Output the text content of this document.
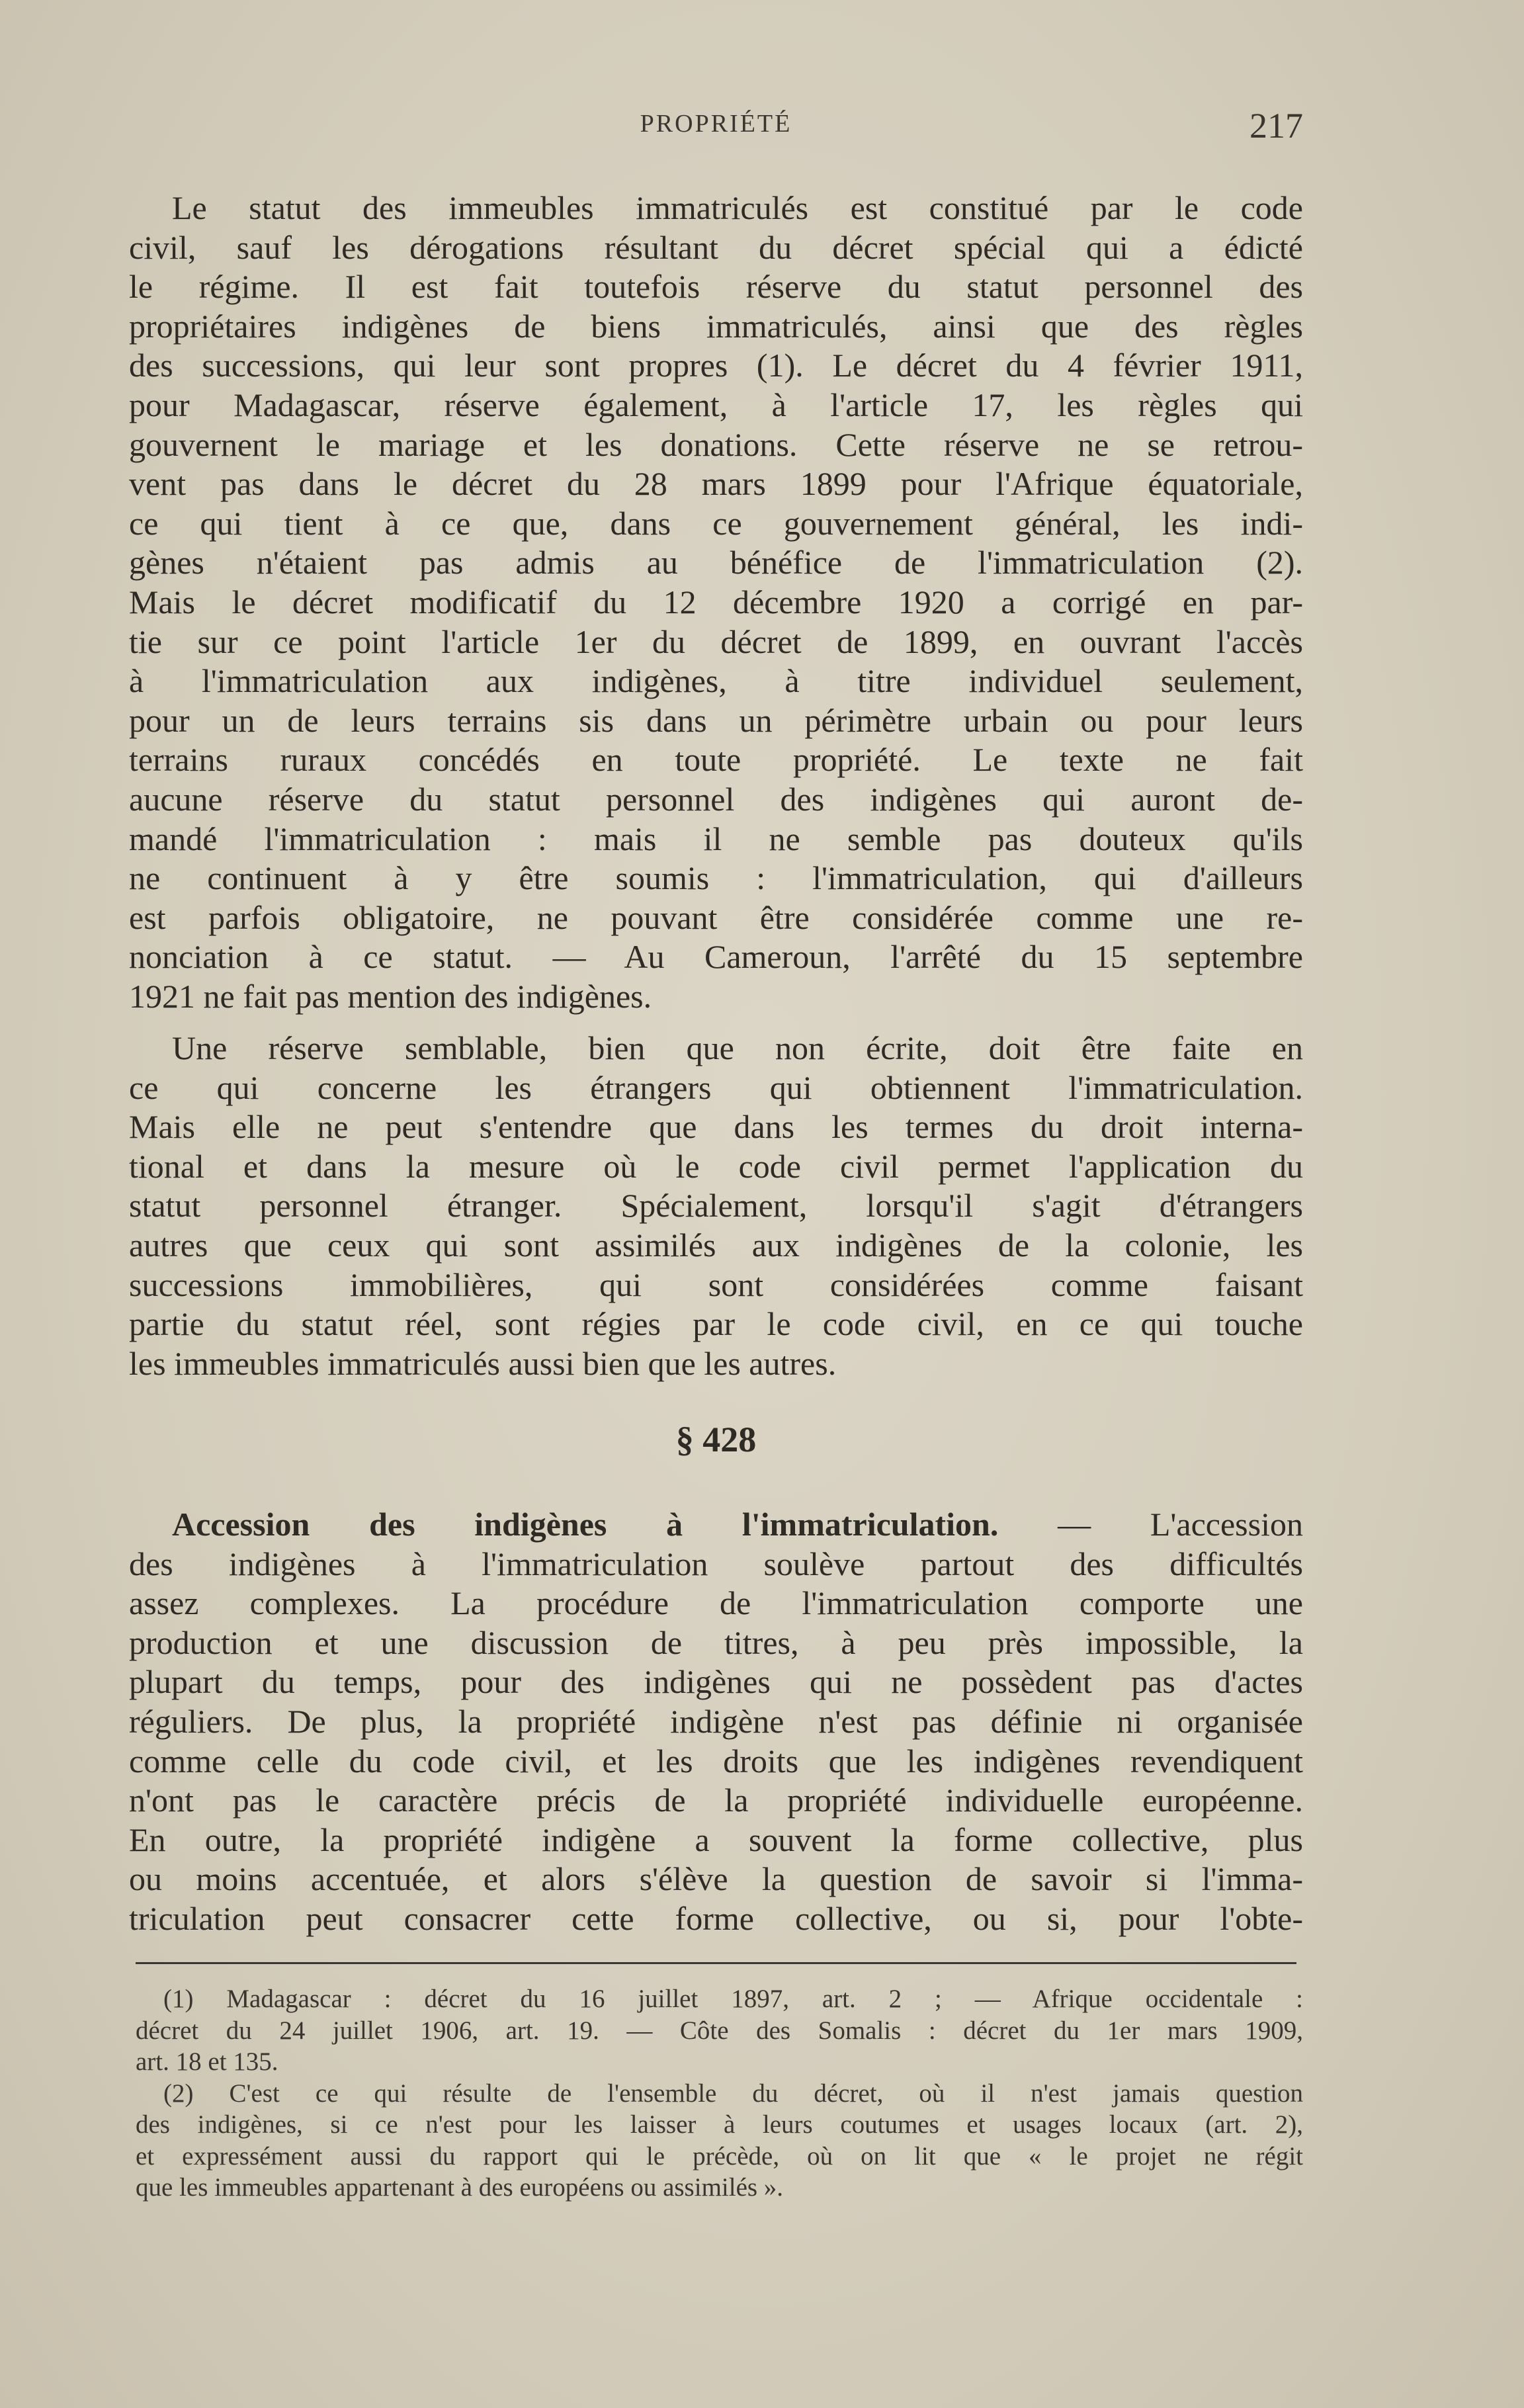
PROPRIÉTÉ	217
Le statut des immeubles immatriculés est constitué par le code
civil, sauf les dérogations résultant du décret spécial qui a édicté
le régime. Il est fait toutefois réserve du statut personnel des
propriétaires indigènes de biens immatriculés, ainsi que des règles
des successions, qui leur sont propres (1). Le décret du 4 février 1911,
pour Madagascar, réserve également, à l'article 17, les règles qui
gouvernent le mariage et les donations. Cette réserve ne se retrou-
vent pas dans le décret du 28 mars 1899 pour l'Afrique équatoriale,
ce qui tient à ce que, dans ce gouvernement général, les indi-
gènes n'étaient pas admis au bénéfice de l'immatriculation (2).
Mais le décret modificatif du 12 décembre 1920 a corrigé en par-
tie sur ce point l'article 1er du décret de 1899, en ouvrant l'accès
à l'immatriculation aux indigènes, à titre individuel seulement,
pour un de leurs terrains sis dans un périmètre urbain ou pour leurs
terrains ruraux concédés en toute propriété. Le texte ne fait
aucune réserve du statut personnel des indigènes qui auront de-
mandé l'immatriculation : mais il ne semble pas douteux qu'ils
ne continuent à y être soumis : l'immatriculation, qui d'ailleurs
est parfois obligatoire, ne pouvant être considérée comme une re-
nonciation à ce statut. — Au Cameroun, l'arrêté du 15 septembre
1921 ne fait pas mention des indigènes.
Une réserve semblable, bien que non écrite, doit être faite en
ce qui concerne les étrangers qui obtiennent l'immatriculation.
Mais elle ne peut s'entendre que dans les termes du droit interna-
tional et dans la mesure où le code civil permet l'application du
statut personnel étranger. Spécialement, lorsqu'il s'agit d'étrangers
autres que ceux qui sont assimilés aux indigènes de la colonie, les
successions immobilières, qui sont considérées comme faisant
partie du statut réel, sont régies par le code civil, en ce qui touche
les immeubles immatriculés aussi bien que les autres.
§ 428
Accession des indigènes à l'immatriculation. — L'accession
des indigènes à l'immatriculation soulève partout des difficultés
assez complexes. La procédure de l'immatriculation comporte une
production et une discussion de titres, à peu près impossible, la
plupart du temps, pour des indigènes qui ne possèdent pas d'actes
réguliers. De plus, la propriété indigène n'est pas définie ni organisée
comme celle du code civil, et les droits que les indigènes revendiquent
n'ont pas le caractère précis de la propriété individuelle européenne.
En outre, la propriété indigène a souvent la forme collective, plus
ou moins accentuée, et alors s'élève la question de savoir si l'imma-
triculation peut consacrer cette forme collective, ou si, pour l'obte-
(1) Madagascar : décret du 16 juillet 1897, art. 2 ; — Afrique occidentale :
décret du 24 juillet 1906, art. 19. — Côte des Somalis : décret du 1er mars 1909,
art. 18 et 135.
(2) C'est ce qui résulte de l'ensemble du décret, où il n'est jamais question
des indigènes, si ce n'est pour les laisser à leurs coutumes et usages locaux (art. 2),
et expressément aussi du rapport qui le précède, où on lit que « le projet ne régit
que les immeubles appartenant à des européens ou assimilés ».
